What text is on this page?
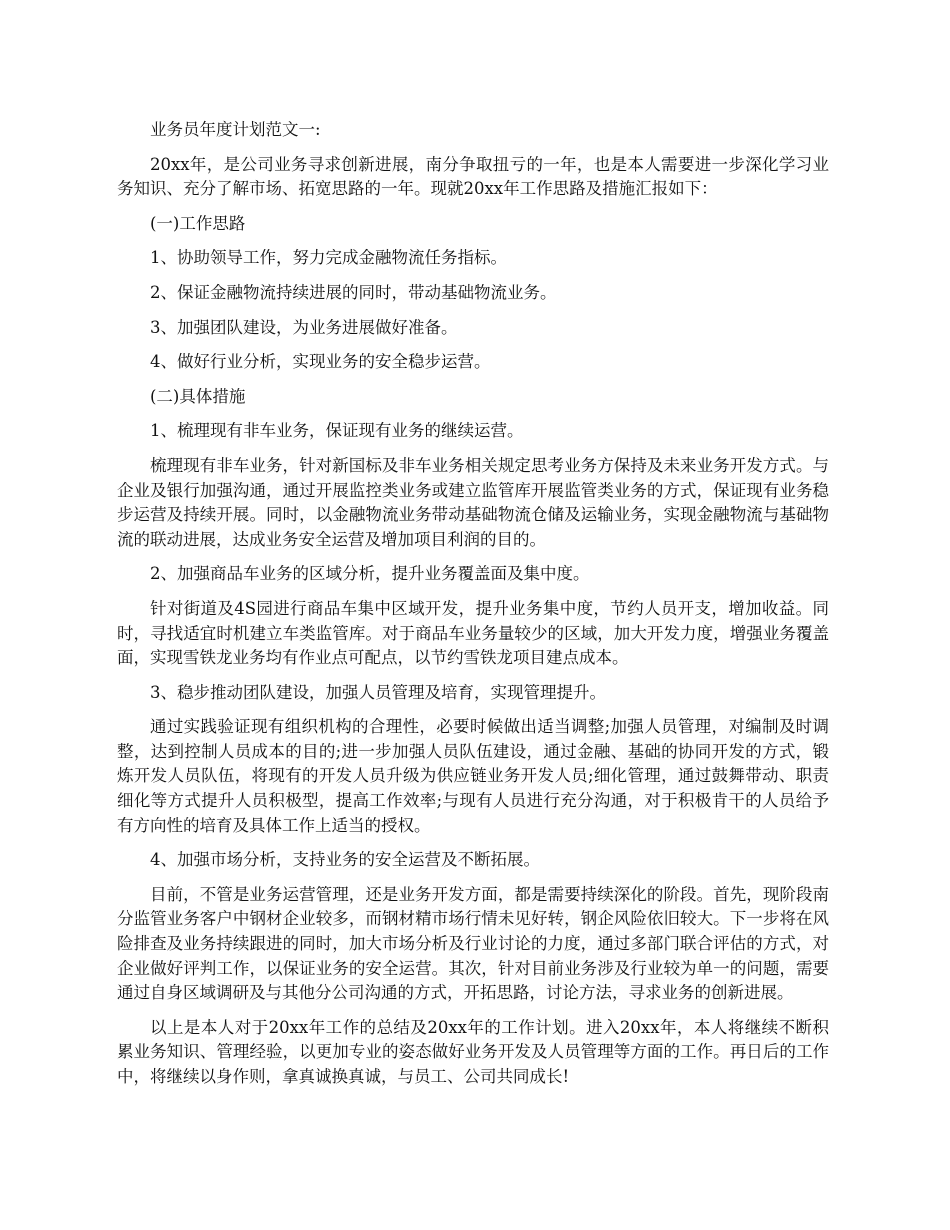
业务员年度计划范文一:

20xx年，是公司业务寻求创新进展，南分争取扭亏的一年，也是本人需要进一步深化学习业务知识、充分了解市场、拓宽思路的一年。现就20xx年工作思路及措施汇报如下：

(一)工作思路

1、协助领导工作，努力完成金融物流任务指标。

2、保证金融物流持续进展的同时，带动基础物流业务。

3、加强团队建设，为业务进展做好准备。

4、做好行业分析，实现业务的安全稳步运营。

(二)具体措施

1、梳理现有非车业务，保证现有业务的继续运营。

梳理现有非车业务，针对新国标及非车业务相关规定思考业务方保持及未来业务开发方式。与企业及银行加强沟通，通过开展监控类业务或建立监管库开展监管类业务的方式，保证现有业务稳步运营及持续开展。同时，以金融物流业务带动基础物流仓储及运输业务，实现金融物流与基础物流的联动进展，达成业务安全运营及增加项目利润的目的。

2、加强商品车业务的区域分析，提升业务覆盖面及集中度。

针对街道及4S园进行商品车集中区域开发，提升业务集中度，节约人员开支，增加收益。同时，寻找适宜时机建立车类监管库。对于商品车业务量较少的区域，加大开发力度，增强业务覆盖面，实现雪铁龙业务均有作业点可配点，以节约雪铁龙项目建点成本。

3、稳步推动团队建设，加强人员管理及培育，实现管理提升。

通过实践验证现有组织机构的合理性，必要时候做出适当调整;加强人员管理，对编制及时调整，达到控制人员成本的目的;进一步加强人员队伍建设，通过金融、基础的协同开发的方式，锻炼开发人员队伍，将现有的开发人员升级为供应链业务开发人员;细化管理，通过鼓舞带动、职责细化等方式提升人员积极型，提高工作效率;与现有人员进行充分沟通，对于积极肯干的人员给予有方向性的培育及具体工作上适当的授权。

4、加强市场分析，支持业务的安全运营及不断拓展。

目前，不管是业务运营管理，还是业务开发方面，都是需要持续深化的阶段。首先，现阶段南分监管业务客户中钢材企业较多，而钢材精市场行情未见好转，钢企风险依旧较大。下一步将在风险排查及业务持续跟进的同时，加大市场分析及行业讨论的力度，通过多部门联合评估的方式，对企业做好评判工作，以保证业务的安全运营。其次，针对目前业务涉及行业较为单一的问题，需要通过自身区域调研及与其他分公司沟通的方式，开拓思路，讨论方法，寻求业务的创新进展。

以上是本人对于20xx年工作的总结及20xx年的工作计划。进入20xx年，本人将继续不断积累业务知识、管理经验，以更加专业的姿态做好业务开发及人员管理等方面的工作。再日后的工作中，将继续以身作则，拿真诚换真诚，与员工、公司共同成长!
